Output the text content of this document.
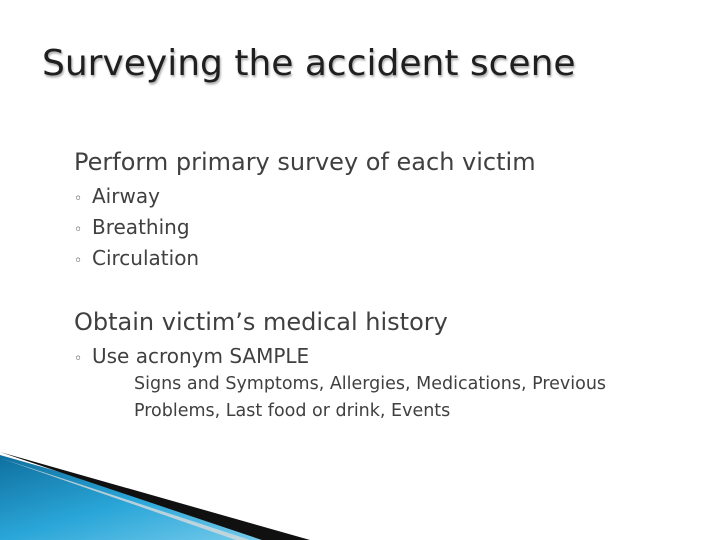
Surveying the accident scene
Perform primary survey of each victim
◦ Airway
◦ Breathing
◦ Circulation
Obtain victim’s medical history
◦ Use acronym SAMPLE
Signs and Symptoms, Allergies, Medications, Previous Problems, Last food or drink, Events
